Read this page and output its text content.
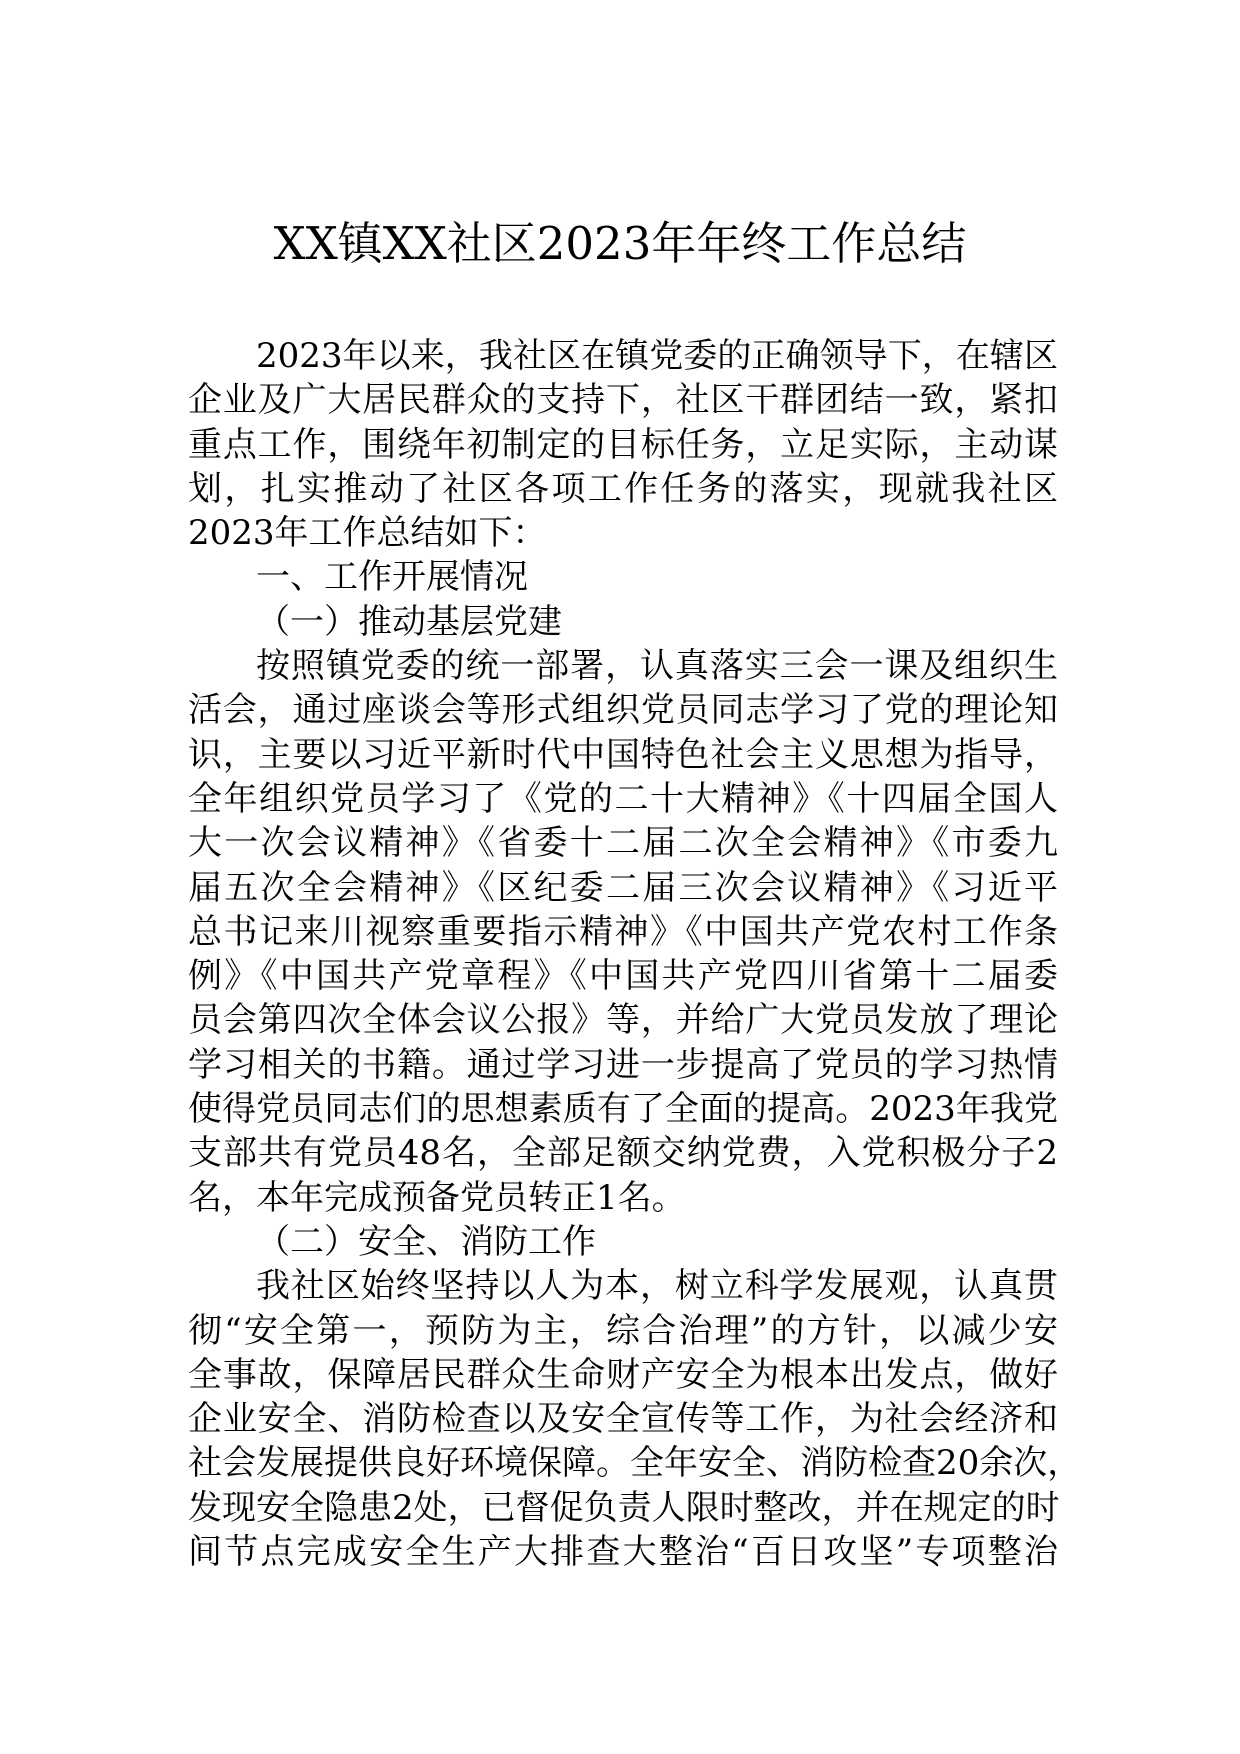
XX镇XX社区2023年年终工作总结
2023年以来，我社区在镇党委的正确领导下，在辖区
企业及广大居民群众的支持下，社区干群团结一致，紧扣
重点工作，围绕年初制定的目标任务，立足实际，主动谋
划，扎实推动了社区各项工作任务的落实，现就我社区
2023年工作总结如下：
一、工作开展情况
（一）推动基层党建
按照镇党委的统一部署，认真落实三会一课及组织生
活会，通过座谈会等形式组织党员同志学习了党的理论知
识，主要以习近平新时代中国特色社会主义思想为指导，
全年组织党员学习了《党的二十大精神》《十四届全国人
大一次会议精神》《省委十二届二次全会精神》《市委九
届五次全会精神》《区纪委二届三次会议精神》《习近平
总书记来川视察重要指示精神》《中国共产党农村工作条
例》《中国共产党章程》《中国共产党四川省第十二届委
员会第四次全体会议公报》等，并给广大党员发放了理论
学习相关的书籍。通过学习进一步提高了党员的学习热情
使得党员同志们的思想素质有了全面的提高。2023年我党
支部共有党员48名，全部足额交纳党费，入党积极分子2
名，本年完成预备党员转正1名。
（二）安全、消防工作
我社区始终坚持以人为本，树立科学发展观，认真贯
彻“安全第一，预防为主，综合治理”的方针，以减少安
全事故，保障居民群众生命财产安全为根本出发点，做好
企业安全、消防检查以及安全宣传等工作，为社会经济和
社会发展提供良好环境保障。全年安全、消防检查20余次，
发现安全隐患2处，已督促负责人限时整改，并在规定的时
间节点完成安全生产大排查大整治“百日攻坚”专项整治
